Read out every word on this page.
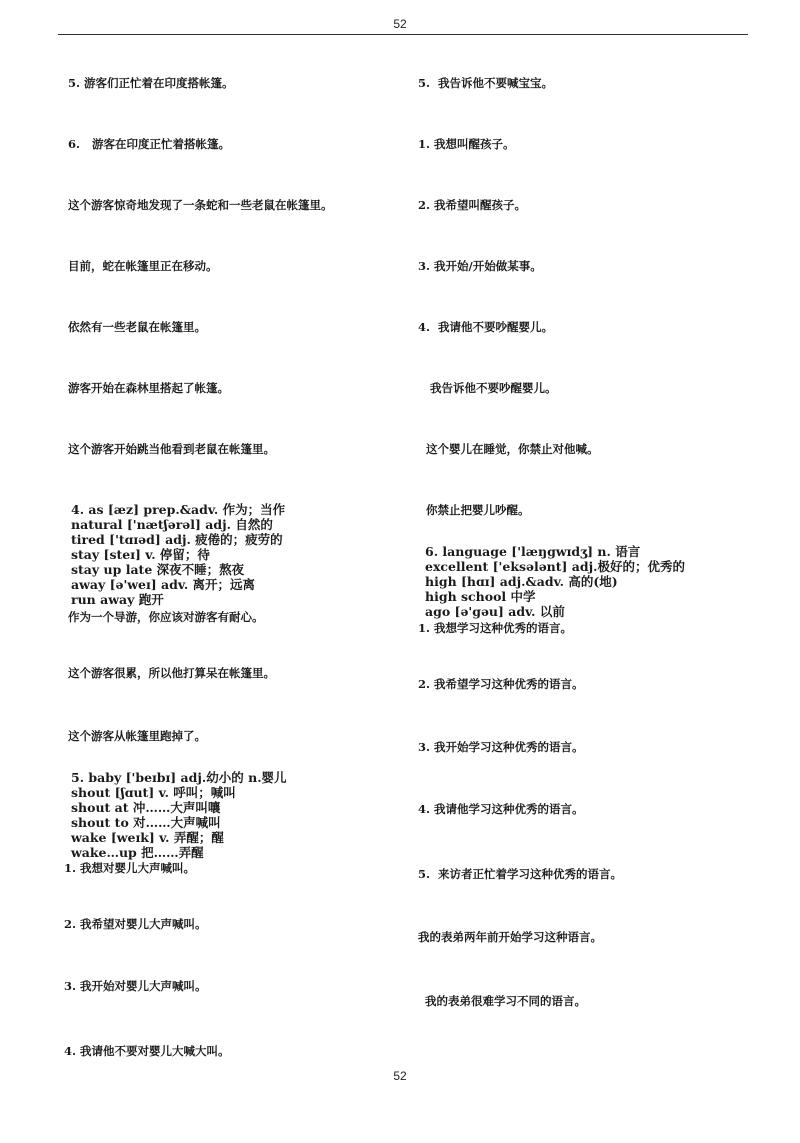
52
5. 游客们正忙着在印度搭帐篷。
6.   游客在印度正忙着搭帐篷。
这个游客惊奇地发现了一条蛇和一些老鼠在帐篷里。
目前，蛇在帐篷里正在移动。
依然有一些老鼠在帐篷里。
游客开始在森林里搭起了帐篷。
这个游客开始跳当他看到老鼠在帐篷里。
4. as [æz] prep.&adv. 作为；当作
natural ['nætʃərəl] adj. 自然的
tired ['tɑɪəd] adj. 疲倦的；疲劳的
stay [steɪ] v. 停留；待
stay up late 深夜不睡；熬夜
away [ə'weɪ] adv. 离开；远离
run away 跑开
作为一个导游，你应该对游客有耐心。
这个游客很累，所以他打算呆在帐篷里。
这个游客从帐篷里跑掉了。
5. baby ['beɪbɪ] adj.幼小的 n.婴儿
shout [ʃɑut] v. 呼叫；喊叫
shout at 冲……大声叫嚷
shout to 对……大声喊叫
wake [weɪk] v. 弄醒；醒
wake…up 把……弄醒
1. 我想对婴儿大声喊叫。
2. 我希望对婴儿大声喊叫。
3. 我开始对婴儿大声喊叫。
4. 我请他不要对婴儿大喊大叫。
5.  我告诉他不要喊宝宝。
1. 我想叫醒孩子。
2. 我希望叫醒孩子。
3. 我开始/开始做某事。
4.  我请他不要吵醒婴儿。
我告诉他不要吵醒婴儿。
这个婴儿在睡觉，你禁止对他喊。
你禁止把婴儿吵醒。
6. language ['læŋgwɪdʒ] n. 语言
excellent ['eksələnt] adj.极好的；优秀的
high [hɑɪ] adj.&adv. 高的(地)
high school 中学
ago [ə'gəu] adv. 以前
1. 我想学习这种优秀的语言。
2. 我希望学习这种优秀的语言。
3. 我开始学习这种优秀的语言。
4. 我请他学习这种优秀的语言。
5.  来访者正忙着学习这种优秀的语言。
我的表弟两年前开始学习这种语言。
我的表弟很难学习不同的语言。
52
